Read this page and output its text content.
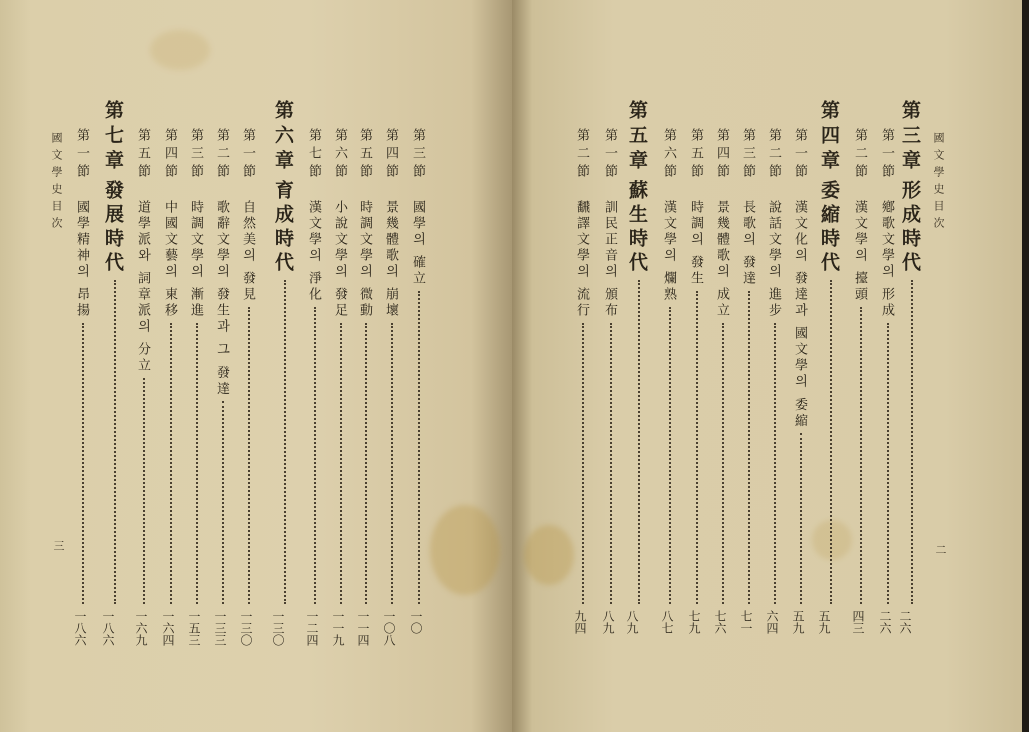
國文學史目次
三
第三節
國學의 確立
一〇
第四節
景幾體歌의 崩壞
一〇八
第五節
時調文學의 微動
一一四
第六節
小說文學의 發足
一一九
第七節
漢文學의 淨化
一二四
第六章
育成時代
一三〇
第一節
自然美의 發見
一三〇
第二節
歌辭文學의 發生과 그 發達
一三三
第三節
時調文學의 漸進
一五三
第四節
中國文藝의 東移
一六四
第五節
道學派와 詞章派의 分立
一六九
第七章
發展時代
一八六
第一節
國學精神의 昂揚
一八六
國文學史目次
二
第三章
形成時代
二六
第一節
鄕歌文學의 形成
二六
第二節
漢文學의 擡頭
四三
第四章
委縮時代
五九
第一節
漢文化의 發達과 國文學의 委縮
五九
第二節
說話文學의 進步
六四
第三節
長歌의 發達
七一
第四節
景幾體歌의 成立
七六
第五節
時調의 發生
七九
第六節
漢文學의 爛熟
八七
第五章
蘇生時代
八九
第一節
訓民正音의 頒布
八九
第二節
飜譯文學의 流行
九四
